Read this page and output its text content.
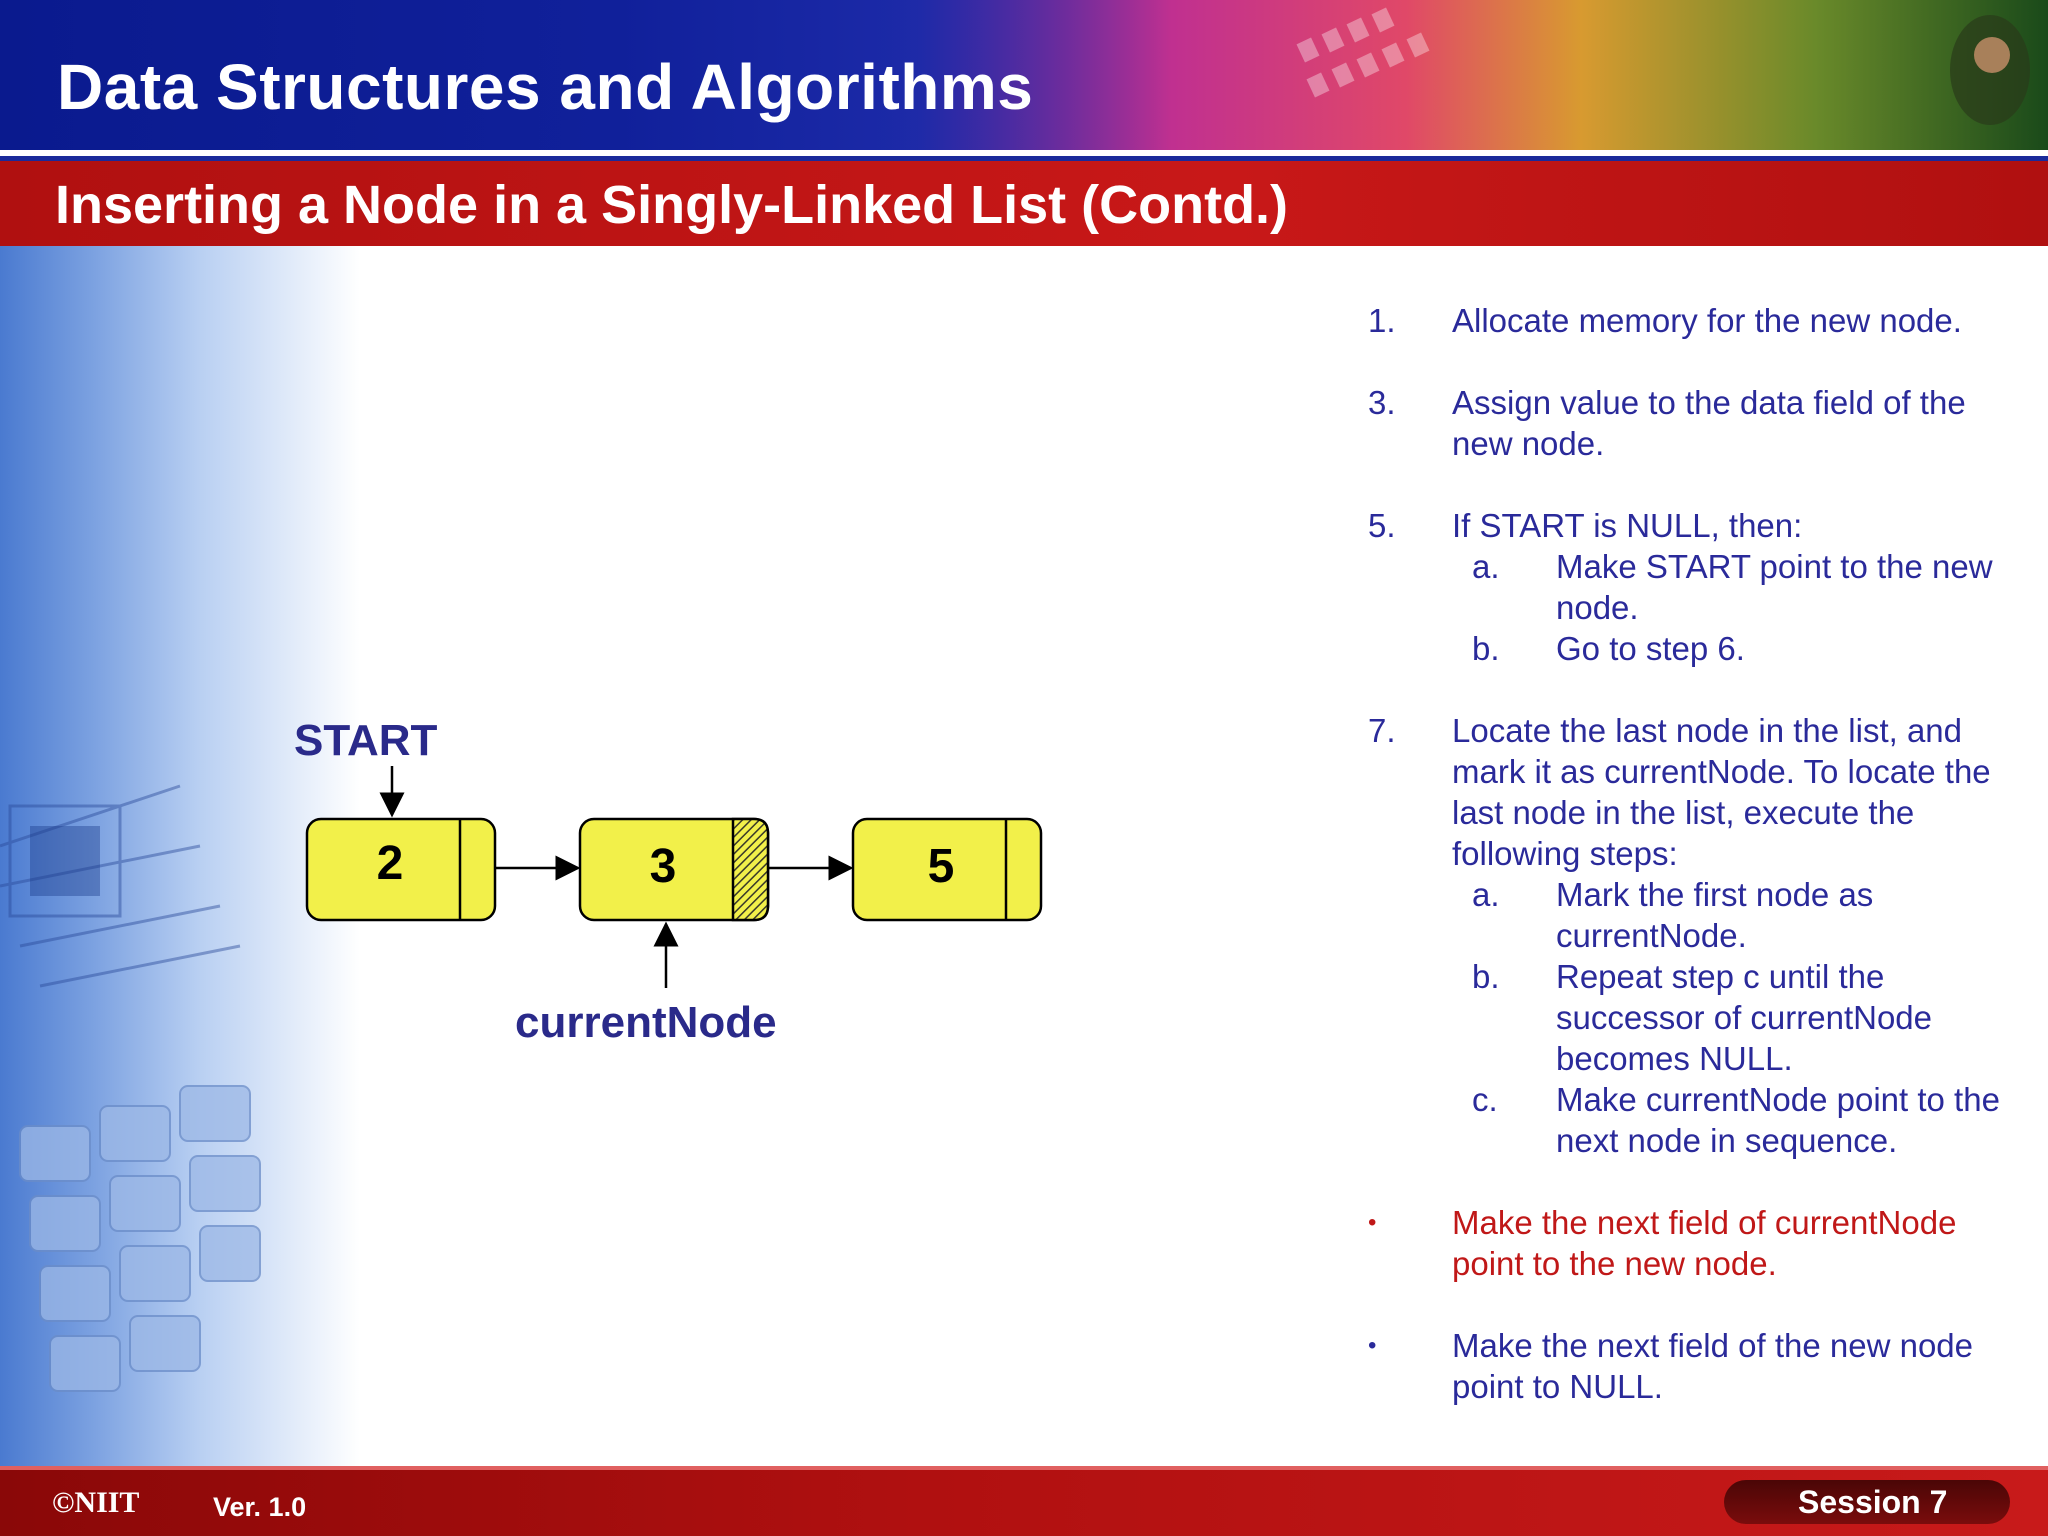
Data Structures and Algorithms
Inserting a Node in a Singly-Linked List (Contd.)
START
2	3	5
currentNode
1. Allocate memory for the new node.
3. Assign value to the data field of the new node.
5. If START is NULL, then:
a. Make START point to the new node.
b. Go to step 6.
7. Locate the last node in the list, and mark it as currentNode. To locate the last node in the list, execute the following steps:
a. Mark the first node as currentNode.
b. Repeat step c until the successor of currentNode becomes NULL.
c. Make currentNode point to the next node in sequence.
• Make the next field of currentNode point to the new node.
• Make the next field of the new node point to NULL.
©NIIT	Ver. 1.0	Session 7
